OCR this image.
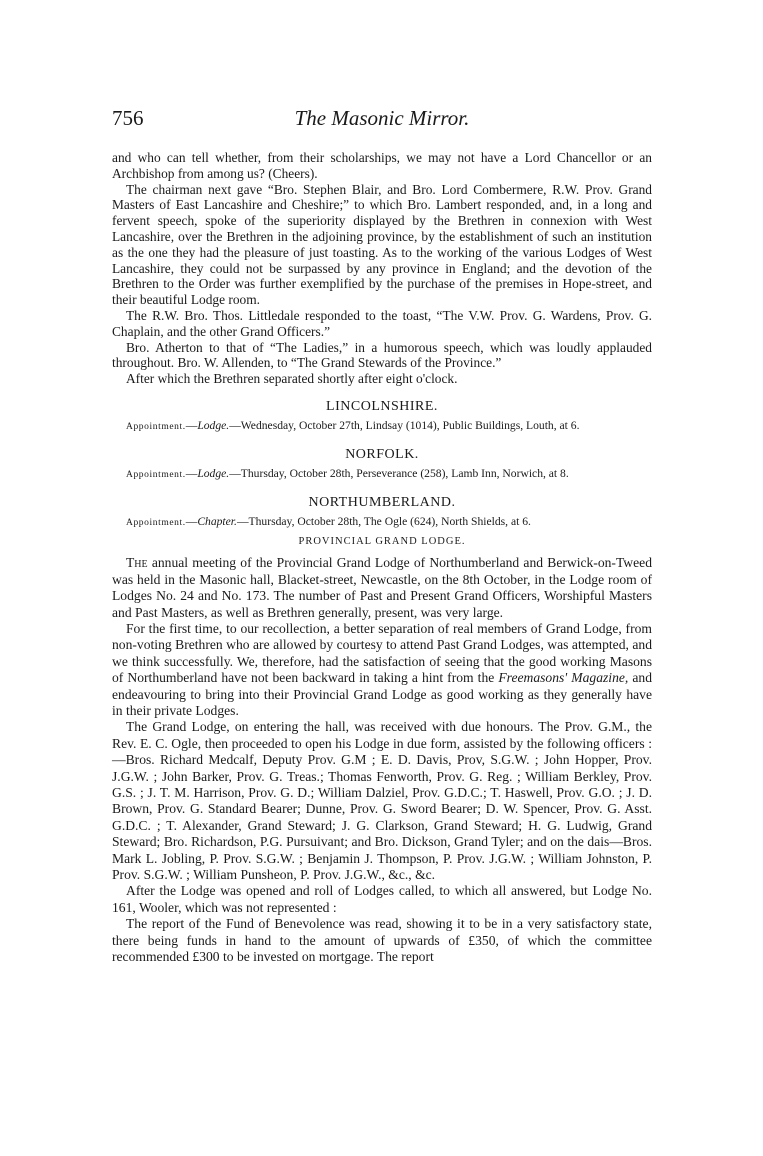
756	The Masonic Mirror.

and who can tell whether, from their scholarships, we may not have a Lord Chancellor or an Archbishop from among us? (Cheers).

The chairman next gave “Bro. Stephen Blair, and Bro. Lord Combermere, R.W. Prov. Grand Masters of East Lancashire and Cheshire;” to which Bro. Lambert responded, and, in a long and fervent speech, spoke of the superiority displayed by the Brethren in connexion with West Lancashire, over the Brethren in the adjoining province, by the establishment of such an institution as the one they had the pleasure of just toasting. As to the working of the various Lodges of West Lancashire, they could not be surpassed by any province in England; and the devotion of the Brethren to the Order was further exemplified by the purchase of the premises in Hope-street, and their beautiful Lodge room.

The R.W. Bro. Thos. Littledale responded to the toast, “The V.W. Prov. G. Wardens, Prov. G. Chaplain, and the other Grand Officers.”

Bro. Atherton to that of “The Ladies,” in a humorous speech, which was loudly applauded throughout. Bro. W. Allenden, to “The Grand Stewards of the Province.”

After which the Brethren separated shortly after eight o'clock.

LINCOLNSHIRE.

Appointment.—Lodge.—Wednesday, October 27th, Lindsay (1014), Public Buildings, Louth, at 6.

NORFOLK.

Appointment.—Lodge.—Thursday, October 28th, Perseverance (258), Lamb Inn, Norwich, at 8.

NORTHUMBERLAND.

Appointment.—Chapter.—Thursday, October 28th, The Ogle (624), North Shields, at 6.

PROVINCIAL GRAND LODGE.

The annual meeting of the Provincial Grand Lodge of Northumberland and Berwick-on-Tweed was held in the Masonic hall, Blacket-street, Newcastle, on the 8th October, in the Lodge room of Lodges No. 24 and No. 173. The number of Past and Present Grand Officers, Worshipful Masters and Past Masters, as well as Brethren generally, present, was very large.

For the first time, to our recollection, a better separation of real members of Grand Lodge, from non-voting Brethren who are allowed by courtesy to attend Past Grand Lodges, was attempted, and we think successfully. We, therefore, had the satisfaction of seeing that the good working Masons of Northumberland have not been backward in taking a hint from the Freemasons' Magazine, and endeavouring to bring into their Provincial Grand Lodge as good working as they generally have in their private Lodges.

The Grand Lodge, on entering the hall, was received with due honours. The Prov. G.M., the Rev. E. C. Ogle, then proceeded to open his Lodge in due form, assisted by the following officers :—Bros. Richard Medcalf, Deputy Prov. G.M ; E. D. Davis, Prov, S.G.W. ; John Hopper, Prov. J.G.W. ; John Barker, Prov. G. Treas.; Thomas Fenworth, Prov. G. Reg. ; William Berkley, Prov. G.S. ; J. T. M. Harrison, Prov. G. D.; William Dalziel, Prov. G.D.C.; T. Haswell, Prov. G.O. ; J. D. Brown, Prov. G. Standard Bearer; Dunne, Prov. G. Sword Bearer; D. W. Spencer, Prov. G. Asst. G.D.C. ; T. Alexander, Grand Steward; J. G. Clarkson, Grand Steward; H. G. Ludwig, Grand Steward; Bro. Richardson, P.G. Pursuivant; and Bro. Dickson, Grand Tyler; and on the dais—Bros. Mark L. Jobling, P. Prov. S.G.W. ; Benjamin J. Thompson, P. Prov. J.G.W. ; William Johnston, P. Prov. S.G.W. ; William Punsheon, P. Prov. J.G.W., &c., &c.

After the Lodge was opened and roll of Lodges called, to which all answered, but Lodge No. 161, Wooler, which was not represented :

The report of the Fund of Benevolence was read, showing it to be in a very satisfactory state, there being funds in hand to the amount of upwards of £350, of which the committee recommended £300 to be invested on mortgage. The report
